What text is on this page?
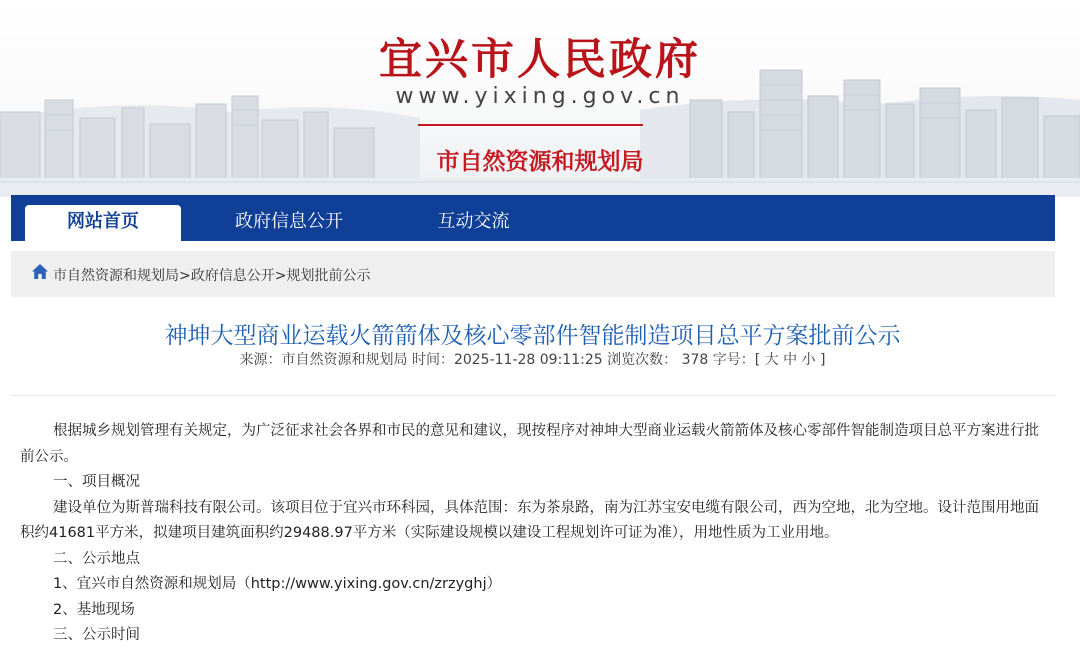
宜兴市人民政府
www.yixing.gov.cn
市自然资源和规划局
网站首页	政府信息公开	互动交流
市自然资源和规划局>政府信息公开>规划批前公示
神坤大型商业运载火箭箭体及核心零部件智能制造项目总平方案批前公示
来源：市自然资源和规划局 时间：2025-11-28 09:11:25 浏览次数： 378 字号：[ 大 中 小 ]

根据城乡规划管理有关规定，为广泛征求社会各界和市民的意见和建议，现按程序对神坤大型商业运载火箭箭体及核心零部件智能制造项目总平方案进行批前公示。

一、项目概况

建设单位为斯普瑞科技有限公司。该项目位于宜兴市环科园，具体范围：东为茶泉路，南为江苏宝安电缆有限公司，西为空地，北为空地。设计范围用地面积约41681平方米，拟建项目建筑面积约29488.97平方米（实际建设规模以建设工程规划许可证为准），用地性质为工业用地。

二、公示地点

1、宜兴市自然资源和规划局（http://www.yixing.gov.cn/zrzyghj）

2、基地现场

三、公示时间
